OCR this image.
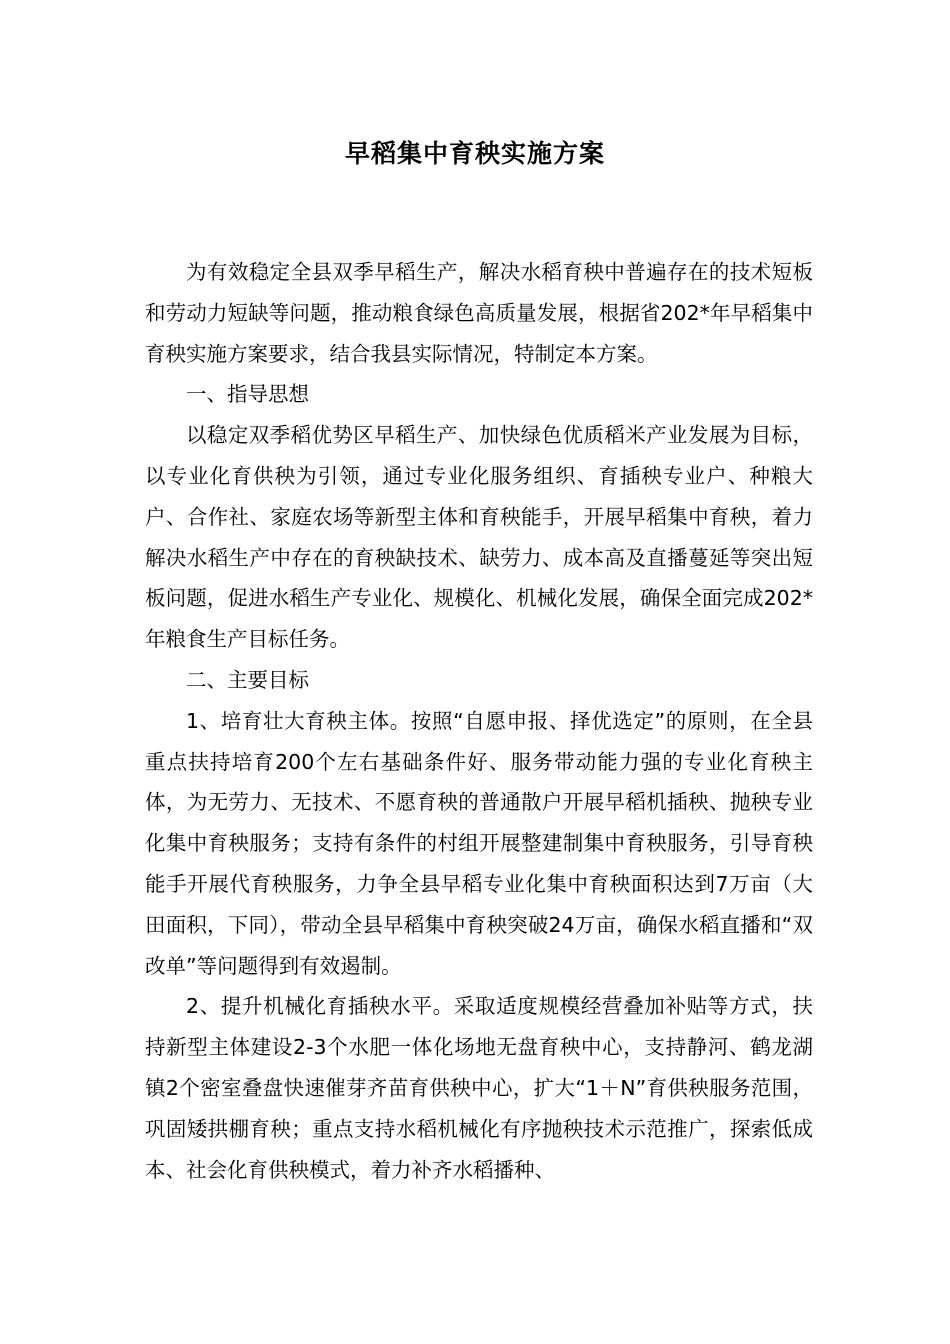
早稻集中育秧实施方案

为有效稳定全县双季早稻生产，解决水稻育秧中普遍存在的技术短板和劳动力短缺等问题，推动粮食绿色高质量发展，根据省202*年早稻集中育秧实施方案要求，结合我县实际情况，特制定本方案。

一、指导思想

以稳定双季稻优势区早稻生产、加快绿色优质稻米产业发展为目标，以专业化育供秧为引领，通过专业化服务组织、育插秧专业户、种粮大户、合作社、家庭农场等新型主体和育秧能手，开展早稻集中育秧，着力解决水稻生产中存在的育秧缺技术、缺劳力、成本高及直播蔓延等突出短板问题，促进水稻生产专业化、规模化、机械化发展，确保全面完成202*年粮食生产目标任务。

二、主要目标

1、培育壮大育秧主体。按照“自愿申报、择优选定”的原则，在全县重点扶持培育200个左右基础条件好、服务带动能力强的专业化育秧主体，为无劳力、无技术、不愿育秧的普通散户开展早稻机插秧、抛秧专业化集中育秧服务；支持有条件的村组开展整建制集中育秧服务，引导育秧能手开展代育秧服务，力争全县早稻专业化集中育秧面积达到7万亩（大田面积，下同），带动全县早稻集中育秧突破24万亩，确保水稻直播和“双改单”等问题得到有效遏制。

2、提升机械化育插秧水平。采取适度规模经营叠加补贴等方式，扶持新型主体建设2-3个水肥一体化场地无盘育秧中心，支持静河、鹤龙湖镇2个密室叠盘快速催芽齐苗育供秧中心，扩大“1＋N”育供秧服务范围，巩固矮拱棚育秧；重点支持水稻机械化有序抛秧技术示范推广，探索低成本、社会化育供秧模式，着力补齐水稻播种、
